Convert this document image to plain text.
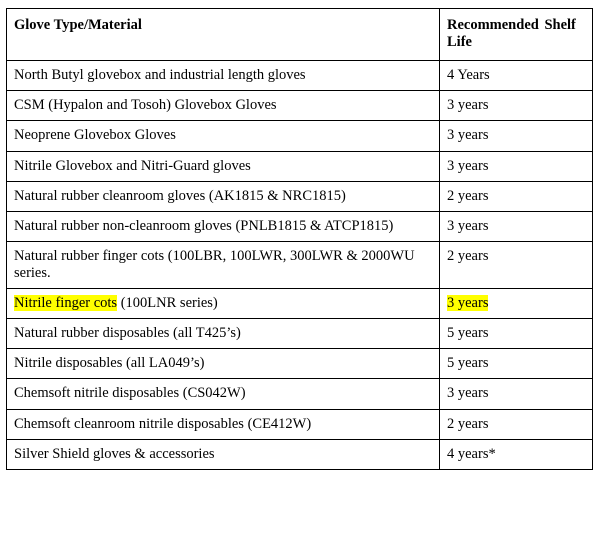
Glove Type/Material	Recommended Shelf Life
North Butyl glovebox and industrial length gloves	4 Years
CSM (Hypalon and Tosoh) Glovebox Gloves	3 years
Neoprene Glovebox Gloves	3 years
Nitrile Glovebox and Nitri-Guard gloves	3 years
Natural rubber cleanroom gloves (AK1815 & NRC1815)	2 years
Natural rubber non-cleanroom gloves (PNLB1815 & ATCP1815)	3 years
Natural rubber finger cots (100LBR, 100LWR, 300LWR & 2000WU series.	2 years
Nitrile finger cots (100LNR series)	3 years
Natural rubber disposables (all T425’s)	5 years
Nitrile disposables (all LA049’s)	5 years
Chemsoft nitrile disposables (CS042W)	3 years
Chemsoft cleanroom nitrile disposables (CE412W)	2 years
Silver Shield gloves & accessories	4 years*
